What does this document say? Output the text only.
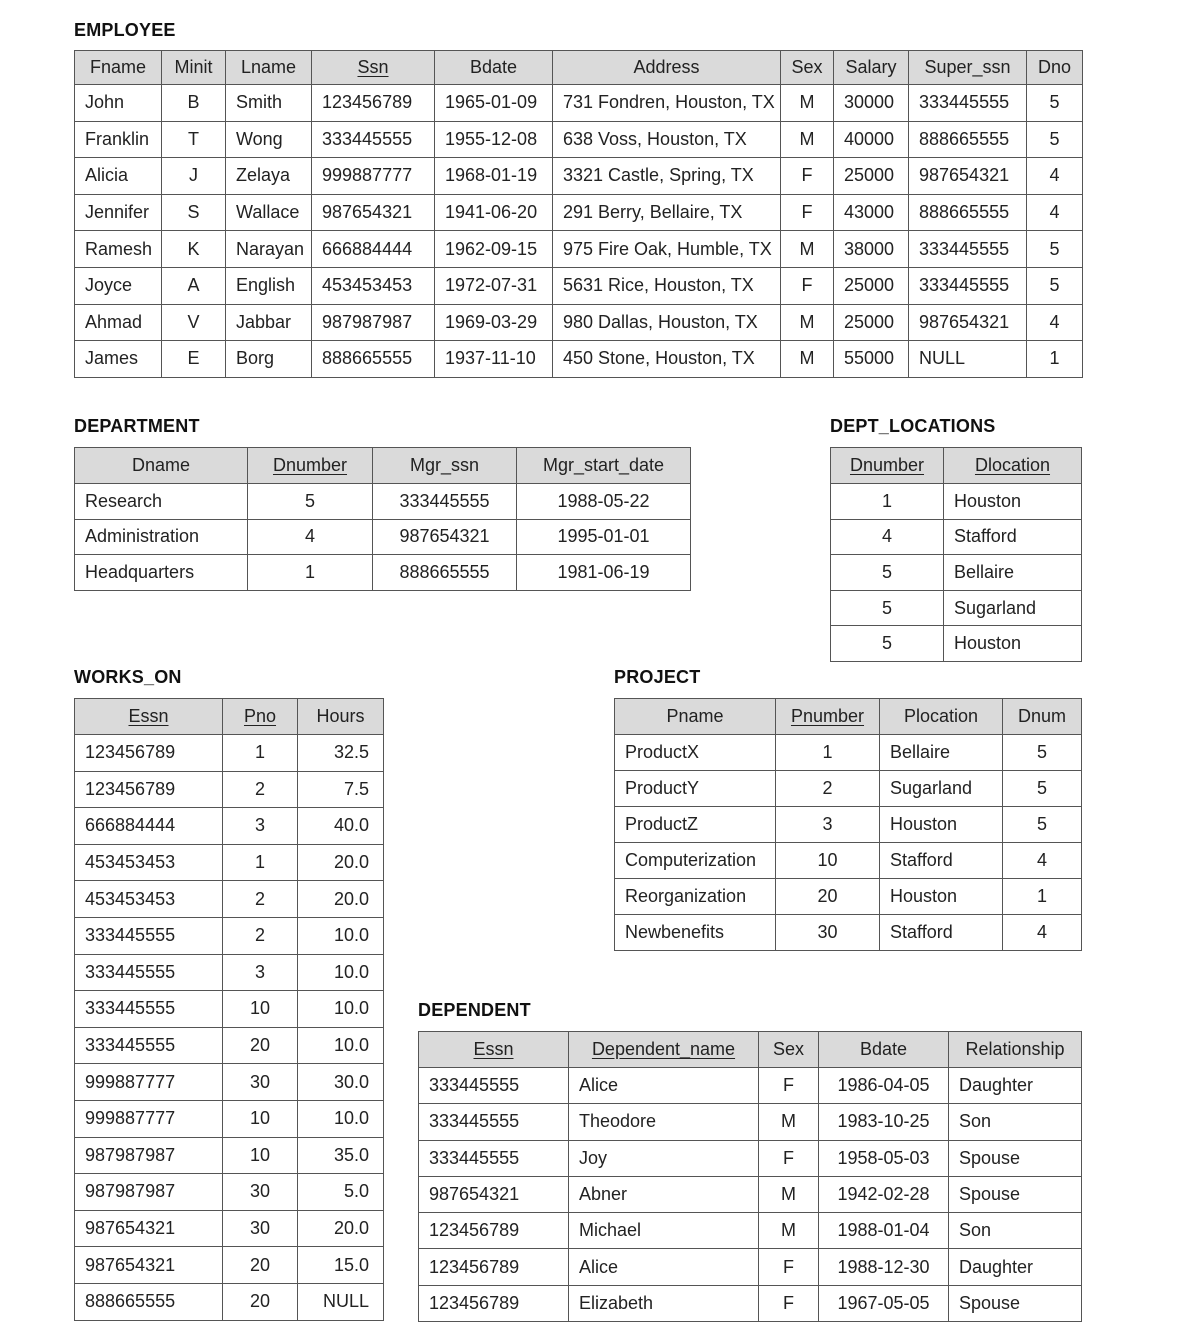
EMPLOYEE
DEPARTMENT	DEPT_LOCATIONS
WORKS_ON	PROJECT
DEPENDENT
Fname	Minit	Lname	Ssn	Bdate	Address	Sex	Salary	Super_ssn	Dno
John	B	Smith	123456789	1965-01-09	731 Fondren, Houston, TX	M	30000	333445555	5
Franklin	T	Wong	333445555	1955-12-08	638 Voss, Houston, TX	M	40000	888665555	5
Alicia	J	Zelaya	999887777	1968-01-19	3321 Castle, Spring, TX	F	25000	987654321	4
Jennifer	S	Wallace	987654321	1941-06-20	291 Berry, Bellaire, TX	F	43000	888665555	4
Ramesh	K	Narayan	666884444	1962-09-15	975 Fire Oak, Humble, TX	M	38000	333445555	5
Joyce	A	English	453453453	1972-07-31	5631 Rice, Houston, TX	F	25000	333445555	5
Ahmad	V	Jabbar	987987987	1969-03-29	980 Dallas, Houston, TX	M	25000	987654321	4
James	E	Borg	888665555	1937-11-10	450 Stone, Houston, TX	M	55000	NULL	1
Dname	Dnumber	Mgr_ssn	Mgr_start_date
Research	5	333445555	1988-05-22
Administration	4	987654321	1995-01-01
Headquarters	1	888665555	1981-06-19
Dnumber	Dlocation
1	Houston
4	Stafford
5	Bellaire
5	Sugarland
5	Houston
Essn	Pno	Hours
123456789	1	32.5
123456789	2	7.5
666884444	3	40.0
453453453	1	20.0
453453453	2	20.0
333445555	2	10.0
333445555	3	10.0
333445555	10	10.0
333445555	20	10.0
999887777	30	30.0
999887777	10	10.0
987987987	10	35.0
987987987	30	5.0
987654321	30	20.0
987654321	20	15.0
888665555	20	NULL
Pname	Pnumber	Plocation	Dnum
ProductX	1	Bellaire	5
ProductY	2	Sugarland	5
ProductZ	3	Houston	5
Computerization	10	Stafford	4
Reorganization	20	Houston	1
Newbenefits	30	Stafford	4
Essn	Dependent_name	Sex	Bdate	Relationship
333445555	Alice	F	1986-04-05	Daughter
333445555	Theodore	M	1983-10-25	Son
333445555	Joy	F	1958-05-03	Spouse
987654321	Abner	M	1942-02-28	Spouse
123456789	Michael	M	1988-01-04	Son
123456789	Alice	F	1988-12-30	Daughter
123456789	Elizabeth	F	1967-05-05	Spouse
